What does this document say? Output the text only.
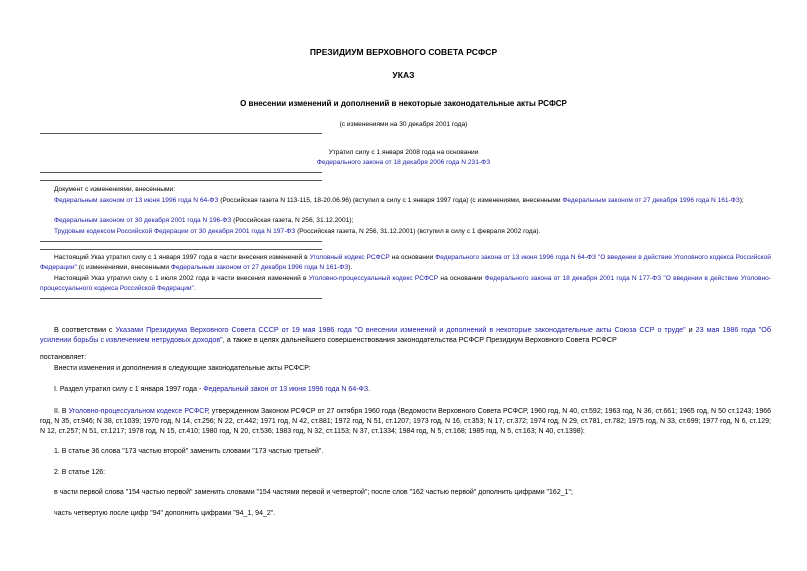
ПРЕЗИДИУМ ВЕРХОВНОГО СОВЕТА РСФСР
УКАЗ
О внесении изменений и дополнений в некоторые законодательные акты РСФСР
(с изменениями на 30 декабря 2001 года)
Утратил силу с 1 января 2008 года на основании
Федерального закона от 18 декабря 2006 года N 231-ФЗ
Документ с изменениями, внесенными:
Федеральным законом от 13 июня 1996 года N 64-ФЗ (Российская газета N 113-115, 18-20.06.96) (вступил в силу с 1 января 1997 года) (с изменениями, внесенными Федеральным законом от 27 декабря 1996 года N 161-ФЗ);
Федеральным законом от 30 декабря 2001 года N 196-ФЗ (Российская газета, N 256, 31.12.2001);
Трудовым кодексом Российской Федерации от 30 декабря 2001 года N 197-ФЗ (Российская газета, N 256, 31.12.2001) (вступил в силу с 1 февраля 2002 года).
Настоящий Указ утратил силу с 1 января 1997 года в части внесения изменений в Уголовный кодекс РСФСР на основании Федерального закона от 13 июня 1996 года N 64-ФЗ "О введении в действие Уголовного кодекса Российской Федерации" (с изменениями, внесенными Федеральным законом от 27 декабря 1996 года N 161-ФЗ).
Настоящий Указ утратил силу с 1 июля 2002 года в части внесения изменений в Уголовно-процессуальный кодекс РСФСР на основании Федерального закона от 18 декабря 2001 года N 177-ФЗ "О введении в действие Уголовно-процессуального кодекса Российской Федерации".
В соответствии с Указами Президиума Верховного Совета СССР от 19 мая 1986 года "О внесении изменений и дополнений в некоторые законодательные акты Союза ССР о труде" и 23 мая 1986 года "Об усилении борьбы с извлечением нетрудовых доходов", а также в целях дальнейшего совершенствования законодательства РСФСР Президиум Верховного Совета РСФСР
постановляет:
Внести изменения и дополнения в следующие законодательные акты РСФСР:
I. Раздел утратил силу с 1 января 1997 года - Федеральный закон от 13 июня 1996 года N 64-ФЗ.
II. В Уголовно-процессуальном кодексе РСФСР, утвержденном Законом РСФСР от 27 октября 1960 года (Ведомости Верховного Совета РСФСР, 1960 год, N 40, ст.592; 1963 год, N 36, ст.661; 1965 год, N 50 ст.1243; 1966 год, N 35, ст.946; N 38, ст.1039; 1970 год, N 14, ст.256; N 22, ст.442; 1971 год, N 42, ст.881; 1972 год, N 51, ст.1207; 1973 год, N 16, ст.353; N 17, ст.372; 1974 год, N 29, ст.781, ст.782; 1975 год, N 33, ст.699; 1977 год, N 6, ст.129; N 12, ст.257; N 51, ст.1217; 1978 год, N 15, ст.410; 1980 год, N 20, ст.536; 1983 год, N 32, ст.1153; N 37, ст.1334; 1984 год, N 5, ст.168; 1985 год, N 5, ст.163; N 40, ст.1398):
1. В статье 36 слова "173 частью второй" заменить словами "173 частью третьей".
2. В статье 126:
в части первой слова "154 частью первой" заменить словами "154 частями первой и четвертой"; после слов "162 частью первой" дополнить цифрами "162_1";
часть четвертую после цифр "94" дополнить цифрами "94_1, 94_2".
